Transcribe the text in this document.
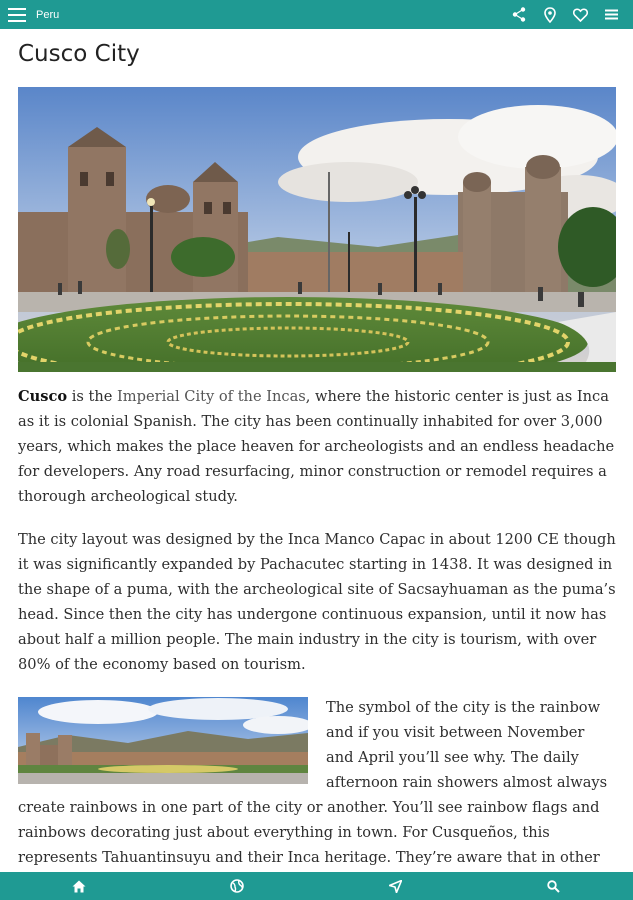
Peru
Cusco City

Cusco is the Imperial City of the Incas, where the historic center is just as Inca as it is colonial Spanish. The city has been continually inhabited for over 3,000 years, which makes the place heaven for archeologists and an endless headache for developers. Any road resurfacing, minor construction or remodel requires a thorough archeological study.

The city layout was designed by the Inca Manco Capac in about 1200 CE though it was significantly expanded by Pachacutec starting in 1438. It was designed in the shape of a puma, with the archeological site of Sacsayhuaman as the puma’s head. Since then the city has undergone continuous expansion, until it now has about half a million people. The main industry in the city is tourism, with over 80% of the economy based on tourism.

The symbol of the city is the rainbow and if you visit between November and April you’ll see why. The daily afternoon rain showers almost always create rainbows in one part of the city or another. You’ll see rainbow flags and rainbows decorating just about everything in town. For Cusqueños, this represents Tahuantinsuyu and their Inca heritage. They’re aware that in other
